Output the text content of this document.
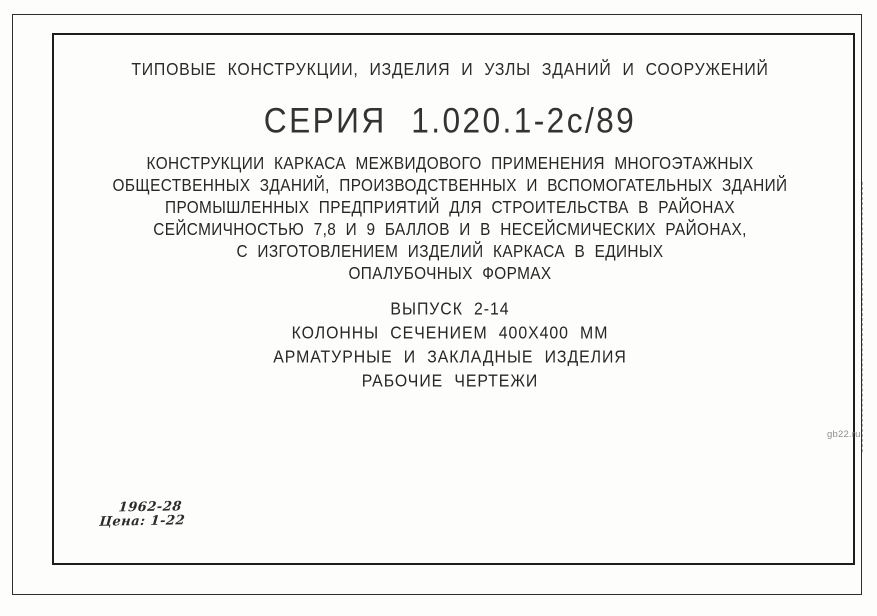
ТИПОВЫЕ КОНСТРУКЦИИ, ИЗДЕЛИЯ И УЗЛЫ ЗДАНИЙ И СООРУЖЕНИЙ
СЕРИЯ 1.020.1-2с/89
КОНСТРУКЦИИ КАРКАСА МЕЖВИДОВОГО ПРИМЕНЕНИЯ МНОГОЭТАЖНЫХ
ОБЩЕСТВЕННЫХ ЗДАНИЙ, ПРОИЗВОДСТВЕННЫХ И ВСПОМОГАТЕЛЬНЫХ ЗДАНИЙ
ПРОМЫШЛЕННЫХ ПРЕДПРИЯТИЙ ДЛЯ СТРОИТЕЛЬСТВА В РАЙОНАХ
СЕЙСМИЧНОСТЬЮ 7,8 И 9 БАЛЛОВ И В НЕСЕЙСМИЧЕСКИХ РАЙОНАХ,
С ИЗГОТОВЛЕНИЕМ ИЗДЕЛИЙ КАРКАСА В ЕДИНЫХ
ОПАЛУБОЧНЫХ ФОРМАХ
ВЫПУСК 2-14
КОЛОННЫ СЕЧЕНИЕМ 400Х400 ММ
АРМАТУРНЫЕ И ЗАКЛАДНЫЕ ИЗДЕЛИЯ
РАБОЧИЕ ЧЕРТЕЖИ
1962-28
Цена: 1-22
gb22.ru
